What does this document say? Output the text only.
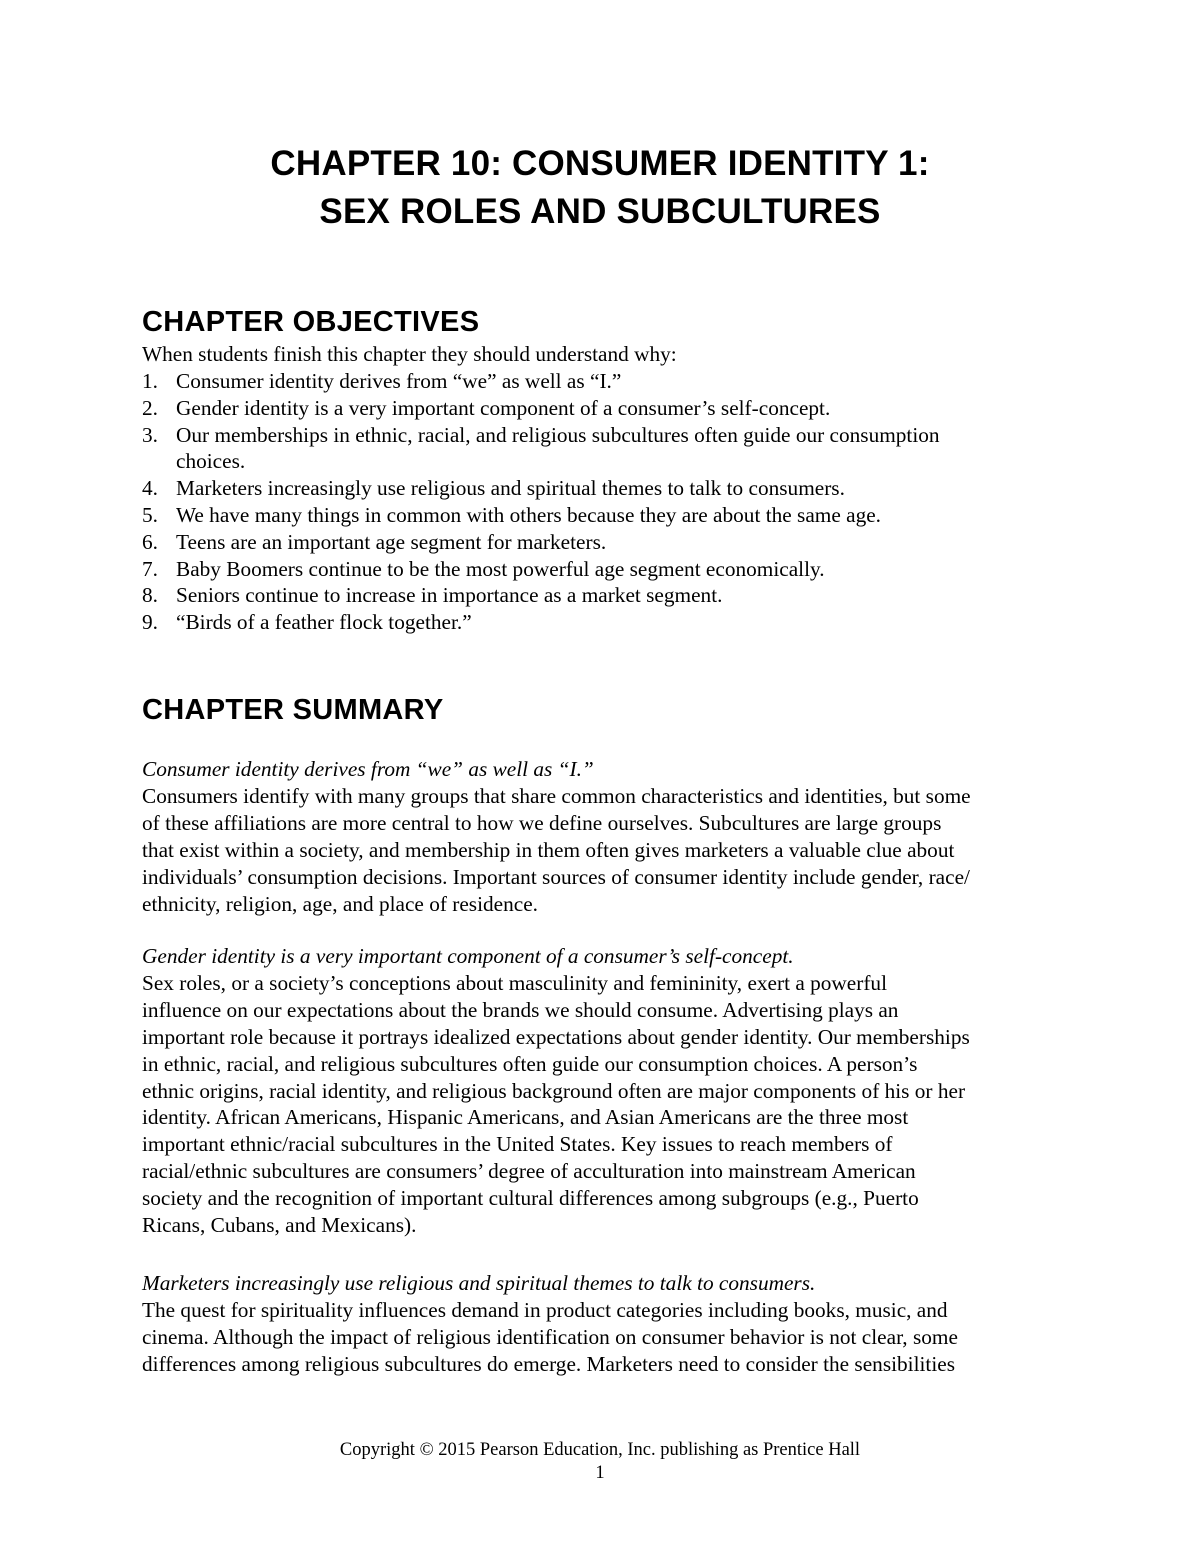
CHAPTER 10: CONSUMER IDENTITY 1:
SEX ROLES AND SUBCULTURES
CHAPTER OBJECTIVES
When students finish this chapter they should understand why:
1. Consumer identity derives from “we” as well as “I.”
2. Gender identity is a very important component of a consumer’s self-concept.
3. Our memberships in ethnic, racial, and religious subcultures often guide our consumption
choices.
4. Marketers increasingly use religious and spiritual themes to talk to consumers.
5. We have many things in common with others because they are about the same age.
6. Teens are an important age segment for marketers.
7. Baby Boomers continue to be the most powerful age segment economically.
8. Seniors continue to increase in importance as a market segment.
9. “Birds of a feather flock together.”
CHAPTER SUMMARY
Consumer identity derives from “we” as well as “I.”
Consumers identify with many groups that share common characteristics and identities, but some
of these affiliations are more central to how we define ourselves. Subcultures are large groups
that exist within a society, and membership in them often gives marketers a valuable clue about
individuals’ consumption decisions. Important sources of consumer identity include gender, race/
ethnicity, religion, age, and place of residence.
Gender identity is a very important component of a consumer’s self-concept.
Sex roles, or a society’s conceptions about masculinity and femininity, exert a powerful
influence on our expectations about the brands we should consume. Advertising plays an
important role because it portrays idealized expectations about gender identity. Our memberships
in ethnic, racial, and religious subcultures often guide our consumption choices. A person’s
ethnic origins, racial identity, and religious background often are major components of his or her
identity. African Americans, Hispanic Americans, and Asian Americans are the three most
important ethnic/racial subcultures in the United States. Key issues to reach members of
racial/ethnic subcultures are consumers’ degree of acculturation into mainstream American
society and the recognition of important cultural differences among subgroups (e.g., Puerto
Ricans, Cubans, and Mexicans).
Marketers increasingly use religious and spiritual themes to talk to consumers.
The quest for spirituality influences demand in product categories including books, music, and
cinema. Although the impact of religious identification on consumer behavior is not clear, some
differences among religious subcultures do emerge. Marketers need to consider the sensibilities
Copyright © 2015 Pearson Education, Inc. publishing as Prentice Hall
1
